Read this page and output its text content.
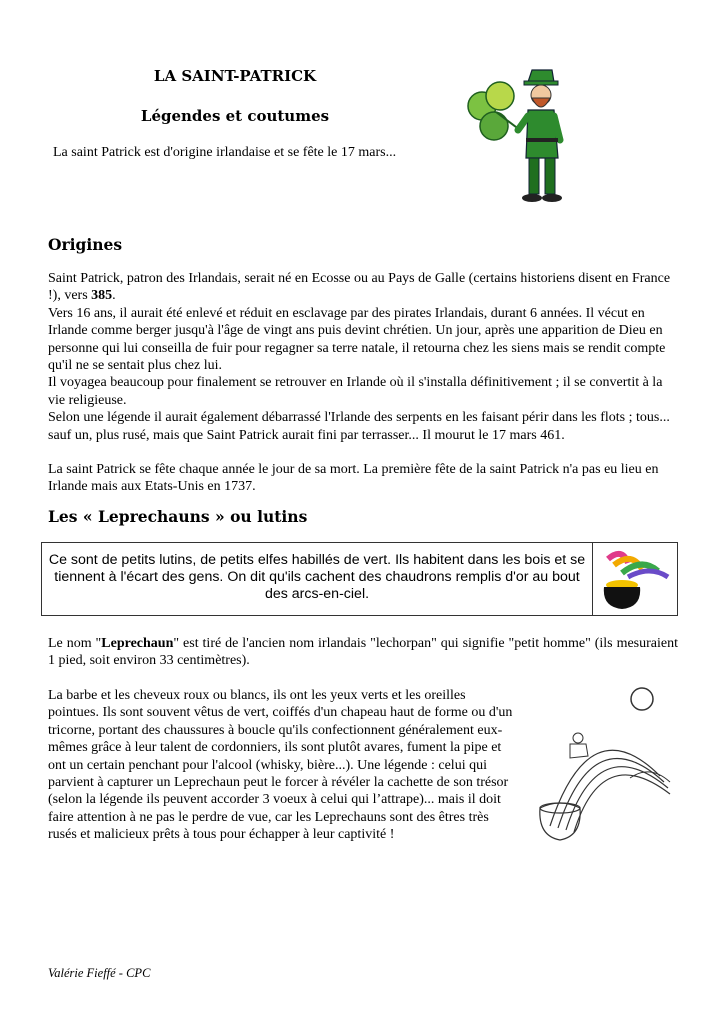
LA SAINT-PATRICK
Légendes et coutumes
La saint Patrick est d'origine irlandaise et se fête le 17 mars...
Origines

Saint Patrick, patron des Irlandais, serait né en Ecosse ou au Pays de Galle (certains historiens disent en France !), vers 385.

Vers 16 ans, il aurait été enlevé et réduit en esclavage par des pirates Irlandais, durant 6 années. Il vécut en Irlande comme berger jusqu'à l'âge de vingt ans puis devint chrétien. Un jour, après une apparition de Dieu en personne qui lui conseilla de fuir pour regagner sa terre natale, il retourna chez les siens mais se rendit compte qu'il ne se sentait plus chez lui.

Il voyagea beaucoup pour finalement se retrouver en Irlande où il s'installa définitivement ; il se convertit à la vie religieuse.

Selon une légende il aurait également débarrassé l'Irlande des serpents en les faisant périr dans les flots ; tous... sauf un, plus rusé, mais que Saint Patrick aurait fini par terrasser... Il mourut le 17 mars 461.

La saint Patrick se fête chaque année le jour de sa mort. La première fête de la saint Patrick n'a pas eu lieu en Irlande mais aux Etats-Unis en 1737.

Les « Leprechauns » ou lutins
Ce sont de petits lutins, de petits elfes habillés de vert. Ils habitent dans les bois et se tiennent à l'écart des gens. On dit qu'ils cachent des chaudrons remplis d'or au bout des arcs-en-ciel.

Le nom "Leprechaun" est tiré de l'ancien nom irlandais "lechorpan" qui signifie "petit homme" (ils mesuraient 1 pied, soit environ 33 centimètres).

La barbe et les cheveux roux ou blancs, ils ont les yeux verts et les oreilles pointues. Ils sont souvent vêtus de vert, coiffés d'un chapeau haut de forme ou d'un tricorne, portant des chaussures à boucle qu'ils confectionnent généralement eux-mêmes grâce à leur talent de cordonniers, ils sont plutôt avares, fument la pipe et ont un certain penchant pour l'alcool (whisky, bière...). Une légende : celui qui parvient à capturer un Leprechaun peut le forcer à révéler la cachette de son trésor (selon la légende ils peuvent accorder 3 voeux à celui qui l’attrape)... mais il doit faire attention à ne pas le perdre de vue, car les Leprechauns sont des êtres très rusés et malicieux prêts à tous pour échapper à leur captivité !
Valérie Fieffé - CPC
